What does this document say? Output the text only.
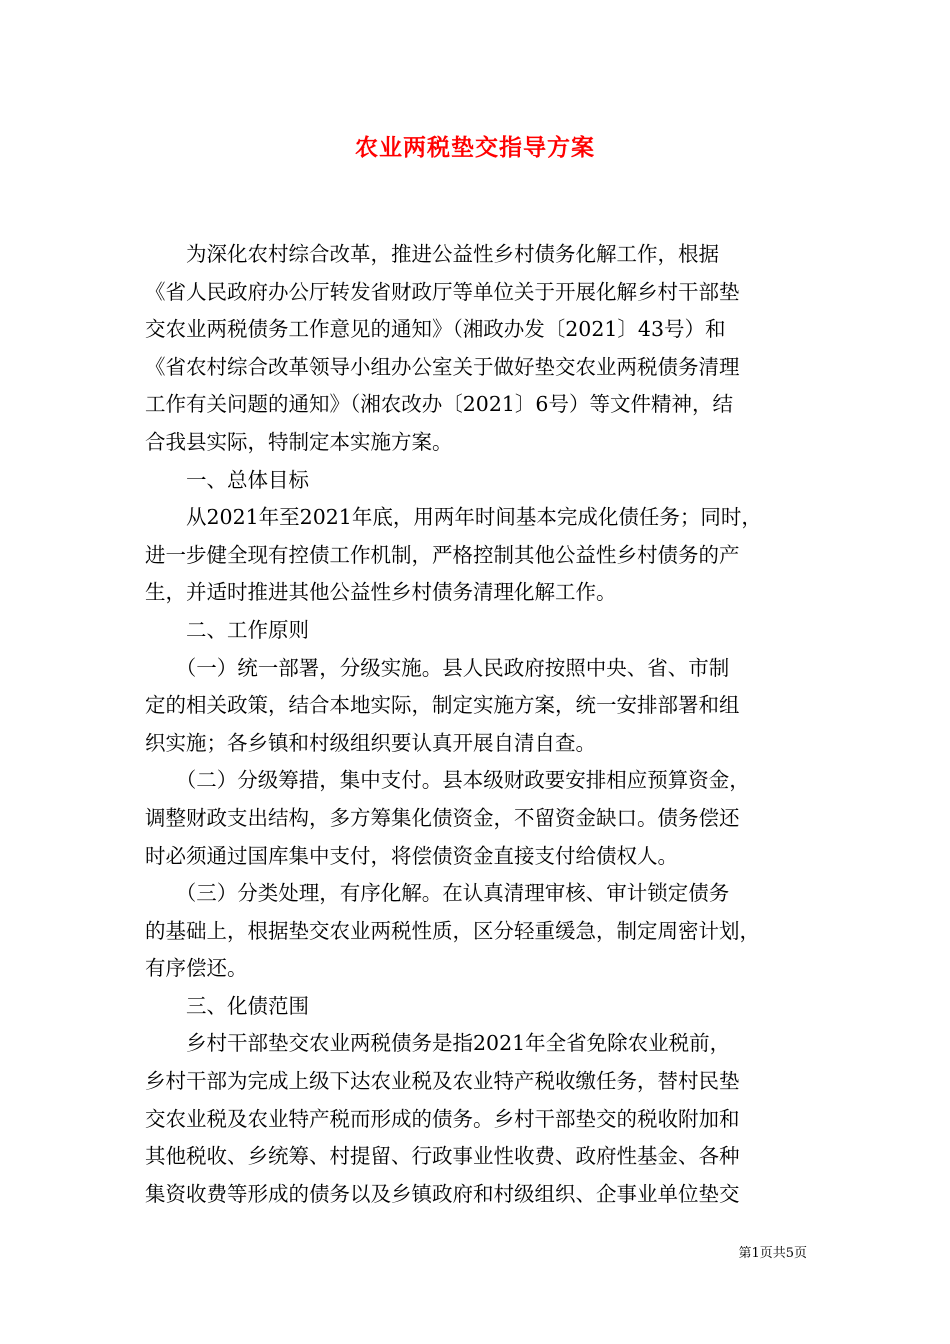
农业两税垫交指导方案
　　为深化农村综合改革，推进公益性乡村债务化解工作，根据
《省人民政府办公厅转发省财政厅等单位关于开展化解乡村干部垫
交农业两税债务工作意见的通知》（湘政办发〔2021〕43号）和
《省农村综合改革领导小组办公室关于做好垫交农业两税债务清理
工作有关问题的通知》（湘农改办〔2021〕6号）等文件精神，结
合我县实际，特制定本实施方案。
　　一、总体目标
　　从2021年至2021年底，用两年时间基本完成化债任务；同时，
进一步健全现有控债工作机制，严格控制其他公益性乡村债务的产
生，并适时推进其他公益性乡村债务清理化解工作。
　　二、工作原则
　　（一）统一部署，分级实施。县人民政府按照中央、省、市制
定的相关政策，结合本地实际，制定实施方案，统一安排部署和组
织实施；各乡镇和村级组织要认真开展自清自查。
　　（二）分级筹措，集中支付。县本级财政要安排相应预算资金，
调整财政支出结构，多方筹集化债资金，不留资金缺口。债务偿还
时必须通过国库集中支付，将偿债资金直接支付给债权人。
　　（三）分类处理，有序化解。在认真清理审核、审计锁定债务
的基础上，根据垫交农业两税性质，区分轻重缓急，制定周密计划，
有序偿还。
　　三、化债范围
　　乡村干部垫交农业两税债务是指2021年全省免除农业税前，
乡村干部为完成上级下达农业税及农业特产税收缴任务，替村民垫
交农业税及农业特产税而形成的债务。乡村干部垫交的税收附加和
其他税收、乡统筹、村提留、行政事业性收费、政府性基金、各种
集资收费等形成的债务以及乡镇政府和村级组织、企事业单位垫交
第1页共5页
